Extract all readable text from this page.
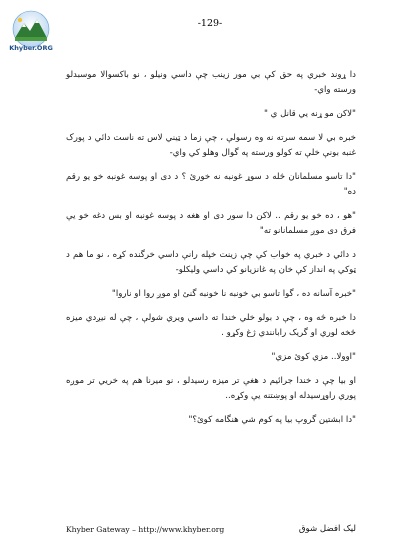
Khyber.ORG
-129-

دا ړوند خبري په حق کې بي مور زينب چې داسي ونيلو ، نو باکسوالا موسبدلو ورسته واي-

"لاکن مو ړنه يي قانل ي "

خبره بي لا سمه سرته نه وه رسولې ، چې زما د ټيني لاس ته ناست دائي د پورک غنبه بونې خلې ته کولو ورسته په گوال وهلو کي واي-

"دا تاسو مسلمانان څله د سوړ غونبه نه خورئ ؟ د دی او پوسه غونبه خو يو رقم ده"

"هو ، ده خو يو رقم .. لاکن دا سور دی او هغه د پوسه غونبه او بس دغه خو يې فرق دی موږ مسلمانانو ته"

د دائي د خبري په خواب کې چې زينت خپله رانې داسي خرگنده کړه ، نو ما هم د ټوکي په انداز کې خان په غانزيانو کي داسي وليکلو-

"خبره آسانه ده ، گوا تاسو بي خونبه نا خونبه گنئ او موږ روا او ناروا"

دا خبره څه وه ، چې د بولو خلي خندا ته داسي ويري شولې ، چې له نيږدي ميزه څخه لوري او گريک رابانندي ژغ وکړو .

"اوولا.. مزي کوئ مزي"

او بيا چې د خندا جرائيم د هغې تر ميزه رسيدلو ، نو ميرنا هم په خريي تر موږه پوري راوړسيدله او پوښتنه يې وکړه..

"دا ابشتين گروپ بيا په کوم شي هنگامه کوئ؟"

Khyber Gateway – http://www.khyber.org	ليک افضل شوق
